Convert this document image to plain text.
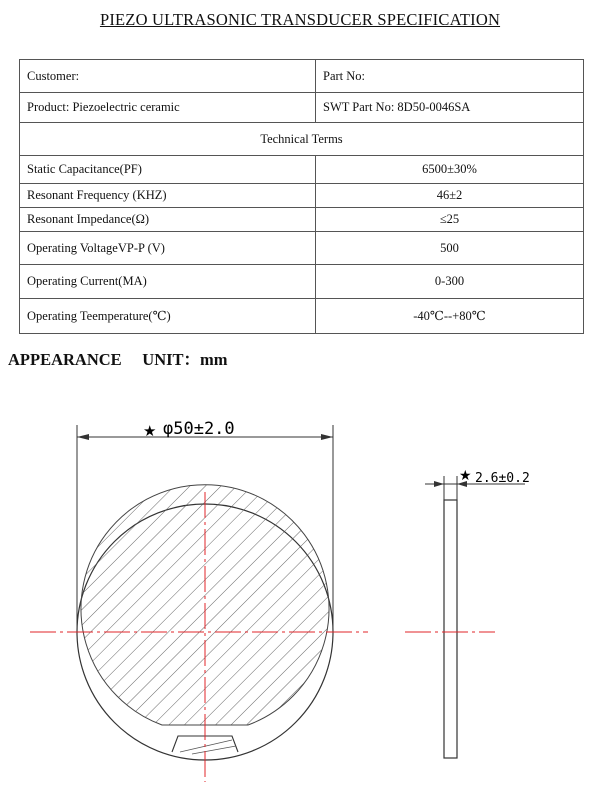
PIEZO ULTRASONIC TRANSDUCER SPECIFICATION
Customer:	Part No:
Product: Piezoelectric ceramic	SWT Part No: 8D50-0046SA
Technical Terms	
Static Capacitance(PF)	6500±30%
Resonant Frequency (KHZ)	46±2
Resonant Impedance(Ω)	≤25
Operating VoltageVP-P (V)	500
Operating Current(MA)	0-300
Operating Teemperature(℃)	-40℃--+80℃
APPEARANCE UNIT：mm
★ φ50±2.0
★ 2.6±0.2
